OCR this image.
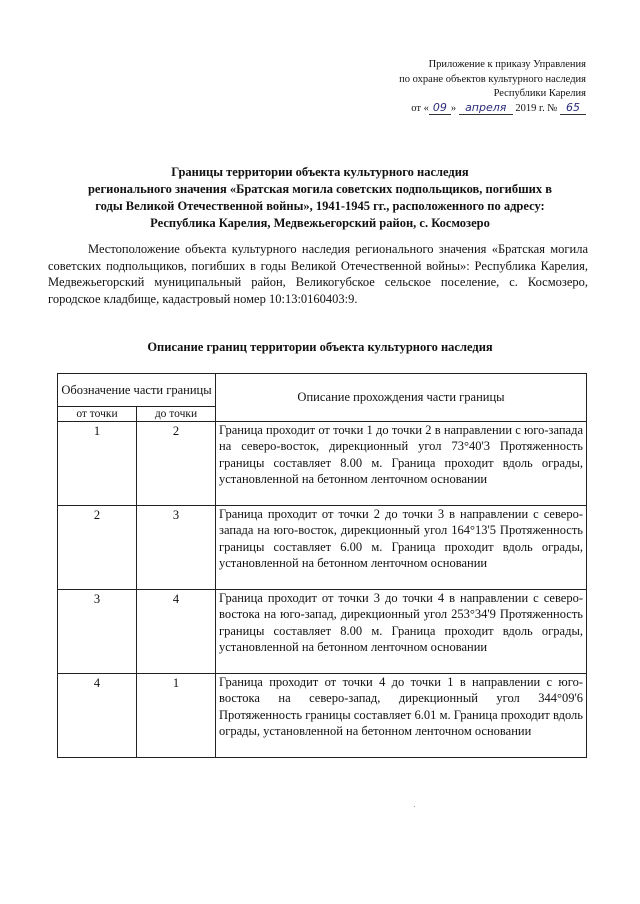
Приложение к приказу Управления
по охране объектов культурного наследия
Республики Карелия
от « 09 » апреля 2019 г. № 65
Границы территории объекта культурного наследия
регионального значения «Братская могила советских подпольщиков, погибших в
годы Великой Отечественной войны», 1941-1945 гг., расположенного по адресу:
Республика Карелия, Медвежьегорский район, с. Космозеро

Местоположение объекта культурного наследия регионального значения «Братская могила советских подпольщиков, погибших в годы Великой Отечественной войны»: Республика Карелия, Медвежьегорский муниципальный район, Великогубское сельское поселение, с. Космозеро, городское кладбище, кадастровый номер 10:13:0160403:9.

Описание границ территории объекта культурного наследия
Обозначение части границы		Описание прохождения части границы
от точки	до точки	
1	2	Граница проходит от точки 1 до точки 2 в направлении с юго-запада на северо-восток, дирекционный угол 73°40'3 Протяженность границы составляет 8.00 м. Граница проходит вдоль ограды, установленной на бетонном ленточном основании
2	3	Граница проходит от точки 2 до точки 3 в направлении с северо-запада на юго-восток, дирекционный угол 164°13'5 Протяженность границы составляет 6.00 м. Граница проходит вдоль ограды, установленной на бетонном ленточном основании
3	4	Граница проходит от точки 3 до точки 4 в направлении с северо-востока на юго-запад, дирекционный угол 253°34'9 Протяженность границы составляет 8.00 м. Граница проходит вдоль ограды, установленной на бетонном ленточном основании
4	1	Граница проходит от точки 4 до точки 1 в направлении с юго-востока на северо-запад, дирекционный угол 344°09'6 Протяженность границы составляет 6.01 м. Граница проходит вдоль ограды, установленной на бетонном ленточном основании
